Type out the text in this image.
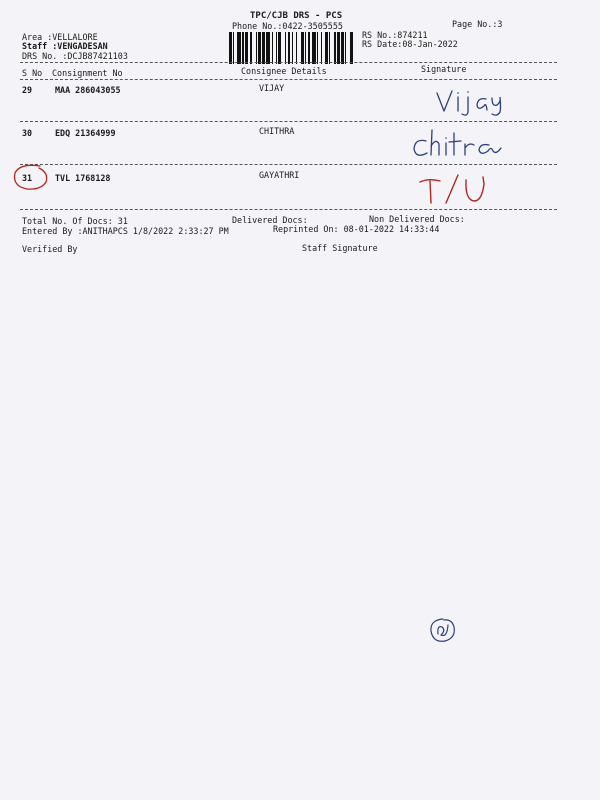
TPC/CJB DRS - PCS
Phone No.:0422-3505555	Page No.:3
Area :VELLALORE
Staff :VENGADESAN
DRS No. :DCJB87421103
RS No.:874211
RS Date:08-Jan-2022
S No Consignment No	Consignee Details	Signature
29	MAA 286043055	VIJAY
30	EDQ 21364999	CHITHRA
31	TVL 1768128	GAYATHRI
Total No. Of Docs: 31	Delivered Docs:	Non Delivered Docs:
Entered By :ANITHAPCS 1/8/2022 2:33:27 PM	Reprinted On: 08-01-2022 14:33:44
Verified By	Staff Signature
